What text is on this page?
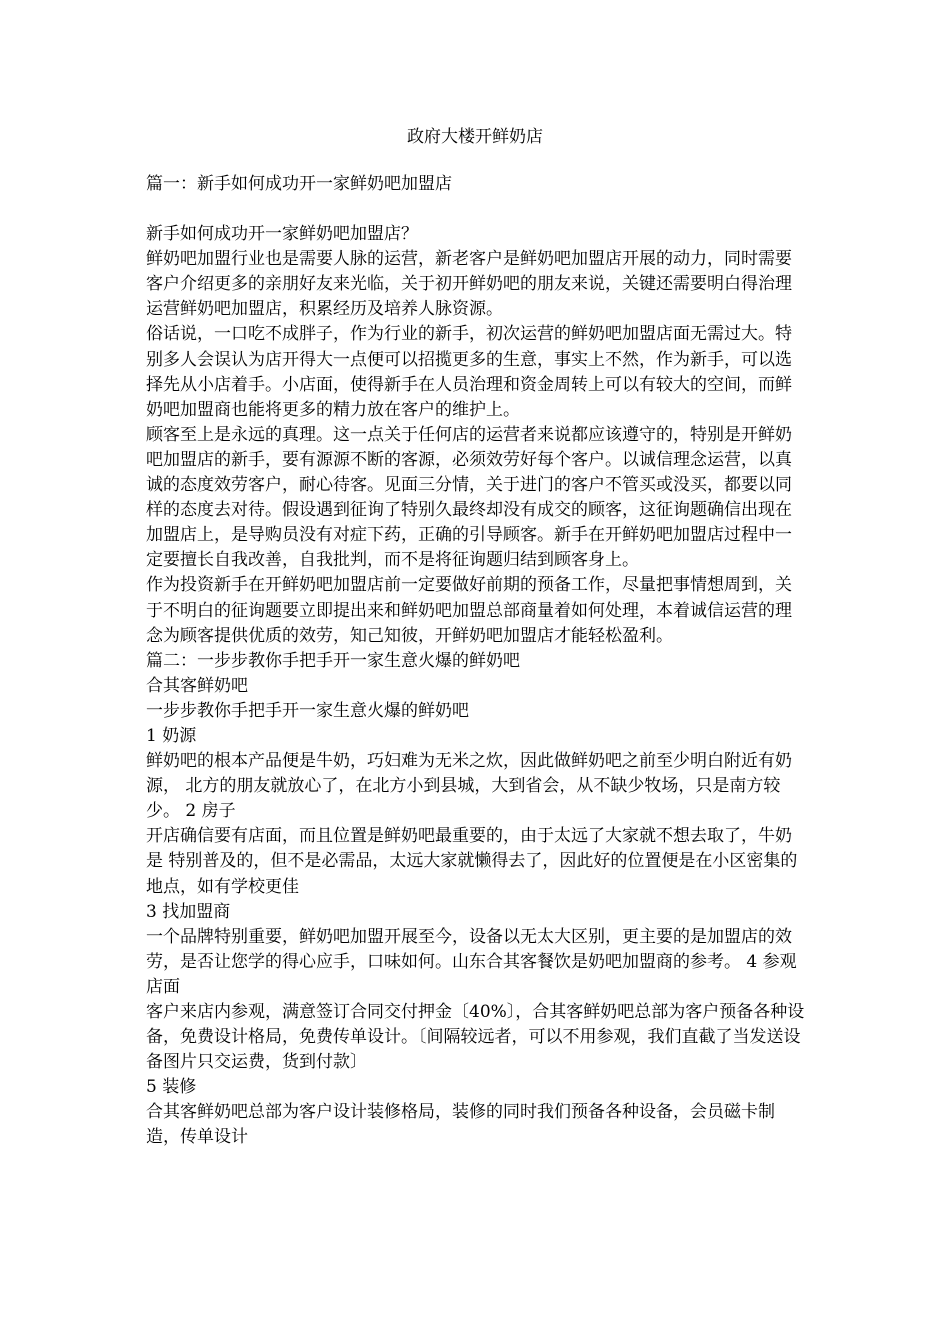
政府大楼开鲜奶店

篇一：新手如何成功开一家鲜奶吧加盟店

新手如何成功开一家鲜奶吧加盟店？

鲜奶吧加盟行业也是需要人脉的运营，新老客户是鲜奶吧加盟店开展的动力，同时需要客户介绍更多的亲朋好友来光临，关于初开鲜奶吧的朋友来说，关键还需要明白得治理运营鲜奶吧加盟店，积累经历及培养人脉资源。

俗话说，一口吃不成胖子，作为行业的新手，初次运营的鲜奶吧加盟店面无需过大。特别多人会误认为店开得大一点便可以招揽更多的生意，事实上不然，作为新手，可以选择先从小店着手。小店面，使得新手在人员治理和资金周转上可以有较大的空间，而鲜奶吧加盟商也能将更多的精力放在客户的维护上。

顾客至上是永远的真理。这一点关于任何店的运营者来说都应该遵守的，特别是开鲜奶吧加盟店的新手，要有源源不断的客源，必须效劳好每个客户。以诚信理念运营，以真诚的态度效劳客户，耐心待客。见面三分情，关于进门的客户不管买或没买，都要以同样的态度去对待。假设遇到征询了特别久最终却没有成交的顾客，这征询题确信出现在加盟店上，是导购员没有对症下药，正确的引导顾客。新手在开鲜奶吧加盟店过程中一定要擅长自我改善，自我批判，而不是将征询题归结到顾客身上。

作为投资新手在开鲜奶吧加盟店前一定要做好前期的预备工作，尽量把事情想周到，关于不明白的征询题要立即提出来和鲜奶吧加盟总部商量着如何处理，本着诚信运营的理念为顾客提供优质的效劳，知己知彼，开鲜奶吧加盟店才能轻松盈利。

篇二：一步步教你手把手开一家生意火爆的鲜奶吧

合其客鲜奶吧

一步步教你手把手开一家生意火爆的鲜奶吧

1 奶源

鲜奶吧的根本产品便是牛奶，巧妇难为无米之炊，因此做鲜奶吧之前至少明白附近有奶源， 北方的朋友就放心了，在北方小到县城，大到省会，从不缺少牧场，只是南方较少。 2 房子

开店确信要有店面，而且位置是鲜奶吧最重要的，由于太远了大家就不想去取了，牛奶是 特别普及的，但不是必需品，太远大家就懒得去了，因此好的位置便是在小区密集的地点，如有学校更佳

3 找加盟商

一个品牌特别重要，鲜奶吧加盟开展至今，设备以无太大区别，更主要的是加盟店的效劳，是否让您学的得心应手，口味如何。山东合其客餐饮是奶吧加盟商的参考。 4 参观店面

客户来店内参观，满意签订合同交付押金〔40%〕，合其客鲜奶吧总部为客户预备各种设备，免费设计格局，免费传单设计。〔间隔较远者，可以不用参观，我们直截了当发送设备图片只交运费，货到付款〕

5 装修

合其客鲜奶吧总部为客户设计装修格局，装修的同时我们预备各种设备，会员磁卡制造，传单设计
